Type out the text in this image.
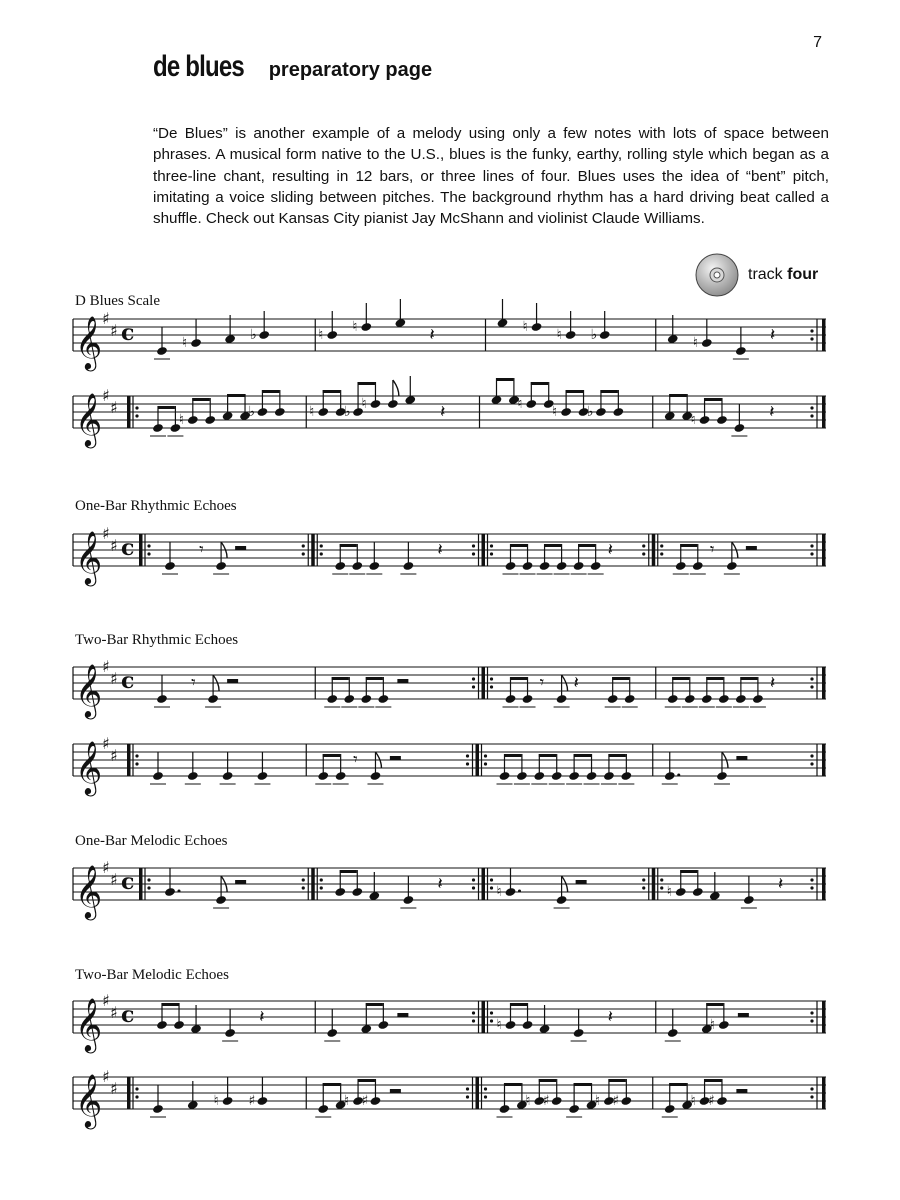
7
de blues preparatory page

“De Blues” is another example of a melody using only a few notes with lots of space between phrases. A musical form native to the U.S., blues is the funky, earthy, rolling style which began as a three-line chant, resulting in 12 bars, or three lines of four. Blues uses the idea of “bent” pitch, imitating a voice sliding between pitches. The background rhythm has a hard driving beat called a shuffle. Check out Kansas City pianist Jay McShann and violinist Claude Williams.

track four
D Blues Scale
One-Bar Rhythmic Echoes
Two-Bar Rhythmic Echoes
One-Bar Melodic Echoes
Two-Bar Melodic Echoes
𝄞 ♯
♯ c	♮	♭	♮ ♮	𝄽	♮ ♮ ♭	♮	𝄽
𝄞 ♯
♯
♮	♭	♮ ♭ ♮	𝄽	♮ ♮ ♭	♮	𝄽
𝄞 ♯
♯ c	𝄾	𝄽	𝄽	𝄾
𝄞 ♯
♯ c	𝄾	𝄾 𝄽	𝄽
𝄞 ♯
♯	𝄾
𝄞 ♯
♯ c	𝄽	♮	♮	𝄽
𝄞 ♯
♯ c	𝄽	♮	𝄽	♮
𝄞 ♯
♯
♮ ♯	♮ ♯	♮ ♯	♮ ♯	♮ ♯
